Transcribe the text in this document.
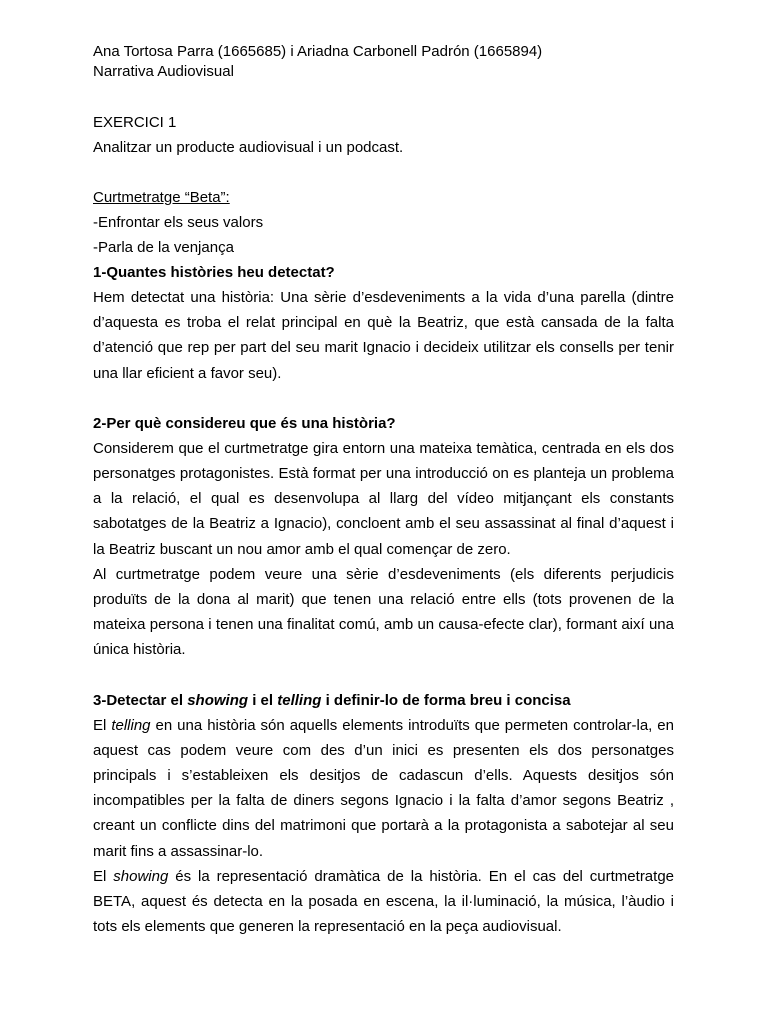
Ana Tortosa Parra (1665685) i Ariadna Carbonell Padrón (1665894)

Narrativa Audiovisual

EXERCICI 1

Analitzar un producte audiovisual i un podcast.

Curtmetratge “Beta”:

-Enfrontar els seus valors

-Parla de la venjança

1-Quantes històries heu detectat?

Hem detectat una història: Una sèrie d’esdeveniments a la vida d’una parella (dintre d’aquesta es troba el relat principal en què la Beatriz, que està cansada de la falta d’atenció que rep per part del seu marit Ignacio i decideix utilitzar els consells per tenir una llar eficient a favor seu).

2-Per què considereu que és una història?

Considerem que el curtmetratge gira entorn una mateixa temàtica, centrada en els dos personatges protagonistes. Està format per una introducció on es planteja un problema a la relació, el qual es desenvolupa al llarg del vídeo mitjançant els constants sabotatges de la Beatriz a Ignacio), concloent amb el seu assassinat al final d’aquest i la Beatriz buscant un nou amor amb el qual començar de zero.

Al curtmetratge podem veure una sèrie d’esdeveniments (els diferents perjudicis produïts de la dona al marit) que tenen una relació entre ells (tots provenen de la mateixa persona i tenen una finalitat comú, amb un causa-efecte clar), formant així una única història.

3-Detectar el showing i el telling i definir-lo de forma breu i concisa

El telling en una història són aquells elements introduïts que permeten controlar-la, en aquest cas podem veure com des d’un inici es presenten els dos personatges principals i s’estableixen els desitjos de cadascun d’ells. Aquests desitjos són incompatibles per la falta de diners segons Ignacio i la falta d’amor segons Beatriz , creant un conflicte dins del matrimoni que portarà a la protagonista a sabotejar al seu marit fins a assassinar-lo.

El showing és la representació dramàtica de la història. En el cas del curtmetratge BETA, aquest és detecta en la posada en escena, la il·luminació, la música, l’àudio i tots els elements que generen la representació en la peça audiovisual.
